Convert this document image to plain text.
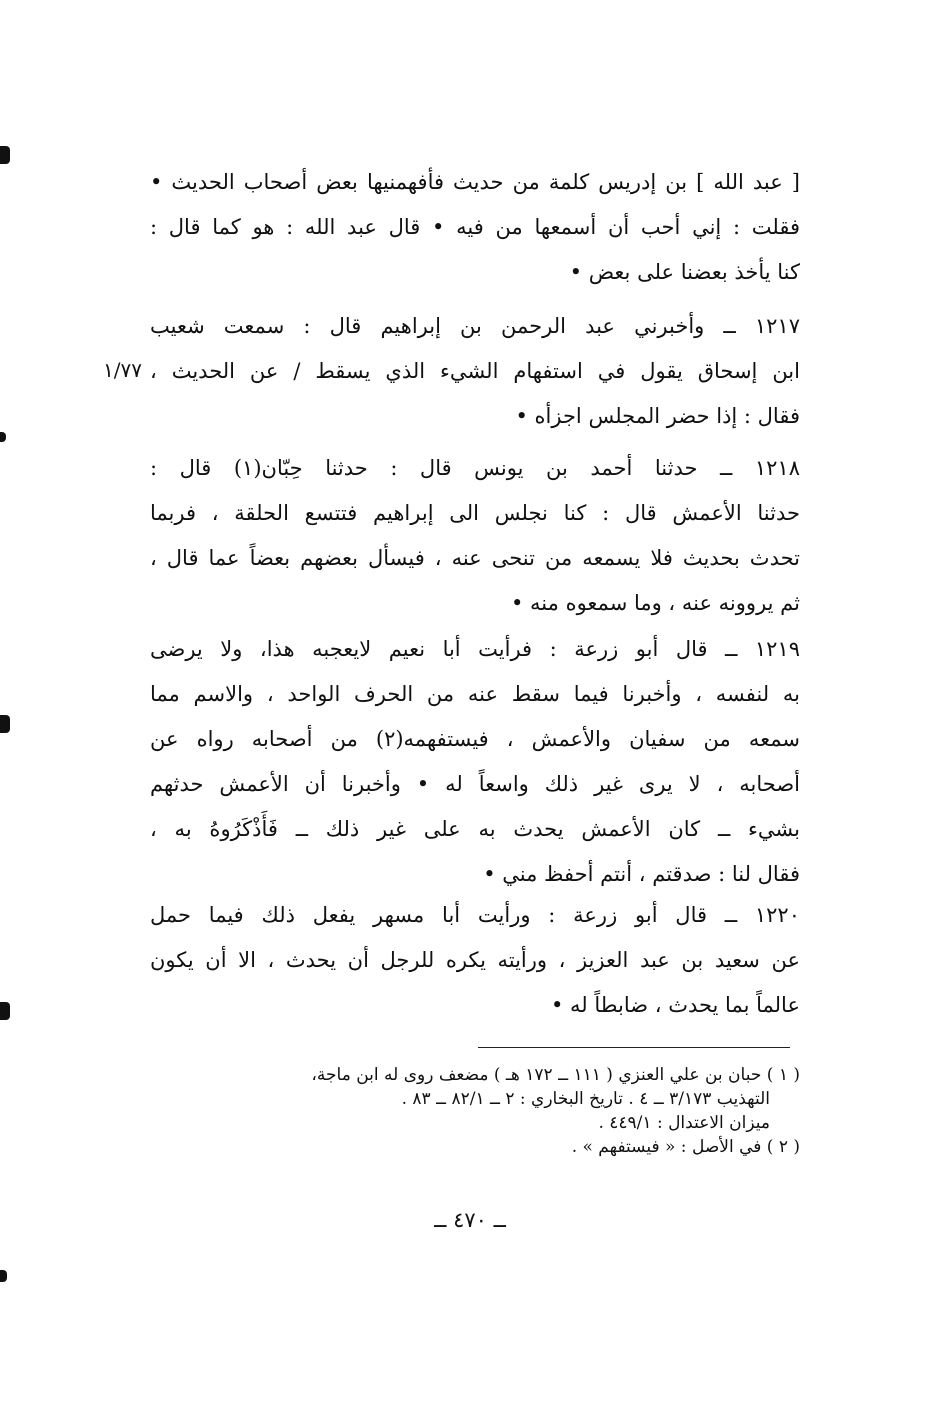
[ عبد الله ] بن إدريس كلمة من حديث فأفهمنيها بعض أصحاب الحديث •
فقلت : إني أحب أن أسمعها من فيه • قال عبد الله : هو كما قال :
كنا يأخذ بعضنا على بعض •
١٢١٧ ــ وأخبرني عبد الرحمن بن إبراهيم قال : سمعت شعيب
ابن إسحاق يقول في استفهام الشيء الذي يسقط / عن الحديث ،
فقال : إذا حضر المجلس اجزأه •
١/٧٧
١٢١٨ ــ حدثنا أحمد بن يونس قال : حدثنا حِبّان(١) قال :
حدثنا الأعمش قال : كنا نجلس الى إبراهيم فتتسع الحلقة ، فربما
تحدث بحديث فلا يسمعه من تنحى عنه ، فيسأل بعضهم بعضاً عما قال ،
ثم يروونه عنه ، وما سمعوه منه •
١٢١٩ ــ قال أبو زرعة : فرأيت أبا نعيم لايعجبه هذا، ولا يرضى
به لنفسه ، وأخبرنا فيما سقط عنه من الحرف الواحد ، والاسم مما
سمعه من سفيان والأعمش ، فيستفهمه(٢) من أصحابه رواه عن
أصحابه ، لا يرى غير ذلك واسعاً له • وأخبرنا أن الأعمش حدثهم
بشيء ــ كان الأعمش يحدث به على غير ذلك ــ فَأَذْكَرُوهُ به ،
فقال لنا : صدقتم ، أنتم أحفظ مني •
١٢٢٠ ــ قال أبو زرعة : ورأيت أبا مسهر يفعل ذلك فيما حمل
عن سعيد بن عبد العزيز ، ورأيته يكره للرجل أن يحدث ، الا أن يكون
عالماً بما يحدث ، ضابطاً له •
( ١ ) حبان بن علي العنزي ( ١١١ ــ ١٧٢ هـ ) مضعف روى له ابن ماجة،
التهذيب ٣/١٧٣ ــ ٤ . تاريخ البخاري : ٢ ــ ٨٢/١ ــ ٨٣ .
ميزان الاعتدال : ٤٤٩/١ .
( ٢ ) في الأصل : « فيستفهم » .
ــ ٤٧٠ ــ
